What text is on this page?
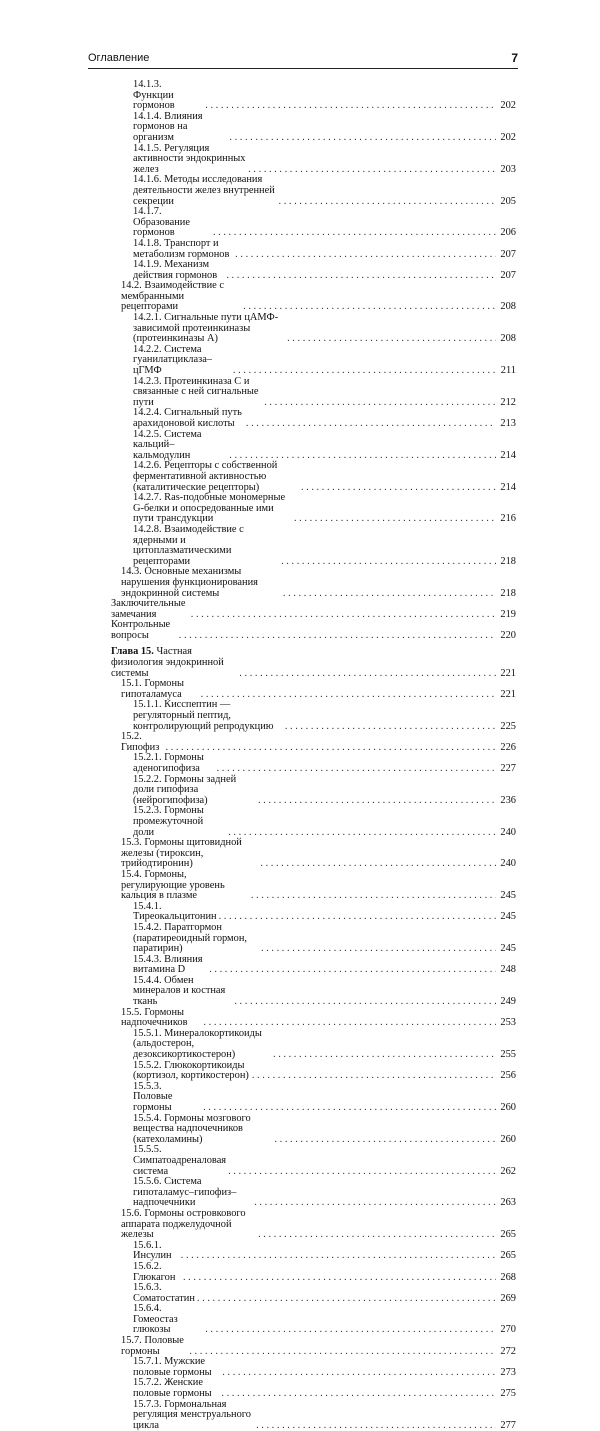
Оглавление	7
14.1.3. Функции гормонов . . .	202
14.1.4. Влияния гормонов на организм . . .	202
14.1.5. Регуляция активности эндокринных желез . . .	203
14.1.6. Методы исследования деятельности желез внутренней секреции . . .	205
14.1.7. Образование гормонов . . .	206
14.1.8. Транспорт и метаболизм гормонов . . .	207
14.1.9. Механизм действия гормонов . . .	207
14.2. Взаимодействие с мембранными рецепторами . . .	208
14.2.1. Сигнальные пути цАМФ-зависимой протеинкиназы (протеинкиназы А) . . .	208
14.2.2. Система гуанилатциклаза–цГМФ . . .	211
14.2.3. Протеинкиназа С и связанные с ней сигнальные пути . . .	212
14.2.4. Сигнальный путь арахидоновой кислоты . . .	213
14.2.5. Система кальций–кальмодулин . . .	214
14.2.6. Рецепторы с собственной ферментативной активностью (каталитические рецепторы) . . .	214
14.2.7. Ras-подобные мономерные G-белки и опосредованные ими пути трансдукции . . .	216
14.2.8. Взаимодействие с ядерными и цитоплазматическими рецепторами . . .	218
14.3. Основные механизмы нарушения функционирования эндокринной системы . . .	218
Заключительные замечания . . .	219
Контрольные вопросы . . .	220
Глава 15. Частная физиология эндокринной системы . . .	221
15.1. Гормоны гипоталамуса . . .	221
15.1.1. Кисспептин — регуляторный пептид, контролирующий репродукцию . . .	225
15.2. Гипофиз . . .	226
15.2.1. Гормоны аденогипофиза . . .	227
15.2.2. Гормоны задней доли гипофиза (нейрогипофиза) . . .	236
15.2.3. Гормоны промежуточной доли . . .	240
15.3. Гормоны щитовидной железы (тироксин, трийодтиронин) . . .	240
15.4. Гормоны, регулирующие уровень кальция в плазме . . .	245
15.4.1. Тиреокальцитонин . . .	245
15.4.2. Паратгормон (паратиреоидный гормон, паратирин) . . .	245
15.4.3. Влияния витамина D . . .	248
15.4.4. Обмен минералов и костная ткань . . .	249
15.5. Гормоны надпочечников . . .	253
15.5.1. Минералокортикоиды (альдостерон, дезоксикортикостерон) . . .	255
15.5.2. Глюкокортикоиды (кортизол, кортикостерон) . . .	256
15.5.3. Половые гормоны . . .	260
15.5.4. Гормоны мозгового вещества надпочечников (катехоламины) . . .	260
15.5.5. Симпатоадреналовая система . . .	262
15.5.6. Система гипоталамус–гипофиз–надпочечники . . .	263
15.6. Гормоны островкового аппарата поджелудочной железы . . .	265
15.6.1. Инсулин . . .	265
15.6.2. Глюкагон . . .	268
15.6.3. Соматостатин . . .	269
15.6.4. Гомеостаз глюкозы . . .	270
15.7. Половые гормоны . . .	272
15.7.1. Мужские половые гормоны . . .	273
15.7.2. Женские половые гормоны . . .	275
15.7.3. Гормональная регуляция менструального цикла . . .	277
